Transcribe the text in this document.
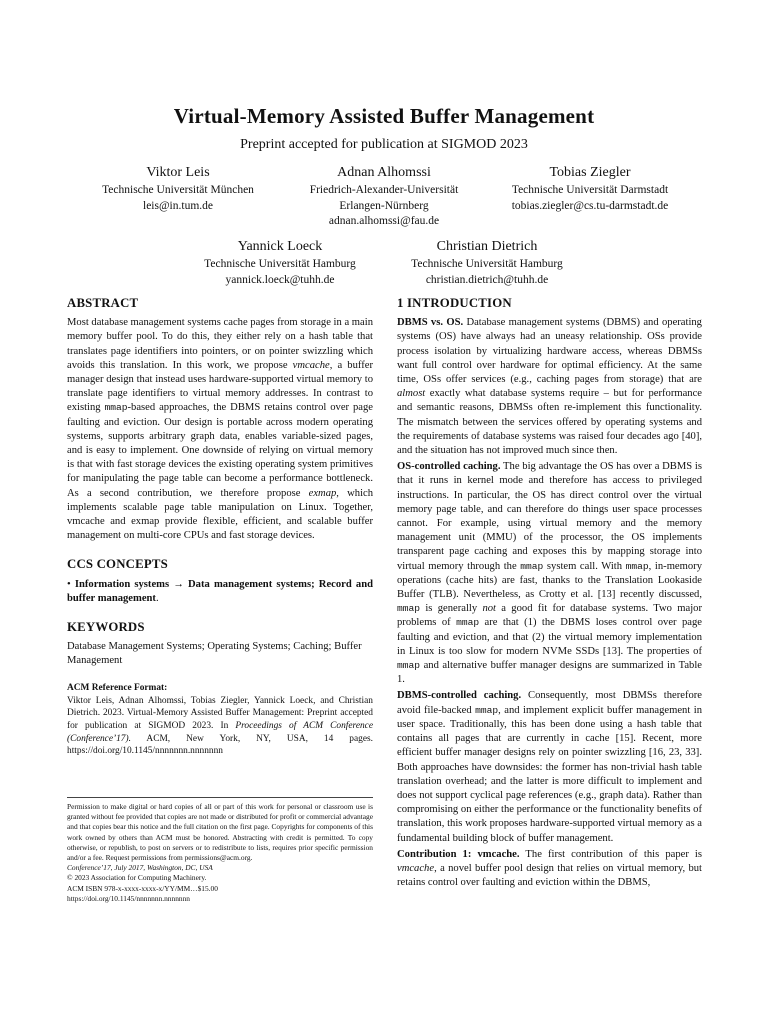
Virtual-Memory Assisted Buffer Management
Preprint accepted for publication at SIGMOD 2023
Viktor Leis
Technische Universität München
leis@in.tum.de
Adnan Alhomssi
Friedrich-Alexander-Universität
Erlangen-Nürnberg
adnan.alhomssi@fau.de
Tobias Ziegler
Technische Universität Darmstadt
tobias.ziegler@cs.tu-darmstadt.de
Yannick Loeck
Technische Universität Hamburg
yannick.loeck@tuhh.de
Christian Dietrich
Technische Universität Hamburg
christian.dietrich@tuhh.de
ABSTRACT

Most database management systems cache pages from storage in a main memory buffer pool. To do this, they either rely on a hash table that translates page identifiers into pointers, or on pointer swizzling which avoids this translation. In this work, we propose vmcache, a buffer manager design that instead uses hardware-supported virtual memory to translate page identifiers to virtual memory addresses. In contrast to existing mmap-based approaches, the DBMS retains control over page faulting and eviction. Our design is portable across modern operating systems, supports arbitrary graph data, enables variable-sized pages, and is easy to implement. One downside of relying on virtual memory is that with fast storage devices the existing operating system primitives for manipulating the page table can become a performance bottleneck. As a second contribution, we therefore propose exmap, which implements scalable page table manipulation on Linux. Together, vmcache and exmap provide flexible, efficient, and scalable buffer management on multi-core CPUs and fast storage devices.

CCS CONCEPTS

• Information systems → Data management systems; Record and buffer management.

KEYWORDS

Database Management Systems; Operating Systems; Caching; Buffer Management

ACM Reference Format:

Viktor Leis, Adnan Alhomssi, Tobias Ziegler, Yannick Loeck, and Christian Dietrich. 2023. Virtual-Memory Assisted Buffer Management: Preprint accepted for publication at SIGMOD 2023. In Proceedings of ACM Conference (Conference’17). ACM, New York, NY, USA, 14 pages. https://doi.org/10.1145/nnnnnnn.nnnnnnn

Permission to make digital or hard copies of all or part of this work for personal or classroom use is granted without fee provided that copies are not made or distributed for profit or commercial advantage and that copies bear this notice and the full citation on the first page. Copyrights for components of this work owned by others than ACM must be honored. Abstracting with credit is permitted. To copy otherwise, or republish, to post on servers or to redistribute to lists, requires prior specific permission and/or a fee. Request permissions from permissions@acm.org.

Conference’17, July 2017, Washington, DC, USA

© 2023 Association for Computing Machinery.

ACM ISBN 978-x-xxxx-xxxx-x/YY/MM…$15.00

https://doi.org/10.1145/nnnnnnn.nnnnnnn

1 INTRODUCTION

DBMS vs. OS. Database management systems (DBMS) and operating systems (OS) have always had an uneasy relationship. OSs provide process isolation by virtualizing hardware access, whereas DBMSs want full control over hardware for optimal efficiency. At the same time, OSs offer services (e.g., caching pages from storage) that are almost exactly what database systems require – but for performance and semantic reasons, DBMSs often re-implement this functionality. The mismatch between the services offered by operating systems and the requirements of database systems was raised four decades ago [40], and the situation has not improved much since then.

OS-controlled caching. The big advantage the OS has over a DBMS is that it runs in kernel mode and therefore has access to privileged instructions. In particular, the OS has direct control over the virtual memory page table, and can therefore do things user space processes cannot. For example, using virtual memory and the memory management unit (MMU) of the processor, the OS implements transparent page caching and exposes this by mapping storage into virtual memory through the mmap system call. With mmap, in-memory operations (cache hits) are fast, thanks to the Translation Lookaside Buffer (TLB). Nevertheless, as Crotty et al. [13] recently discussed, mmap is generally not a good fit for database systems. Two major problems of mmap are that (1) the DBMS loses control over page faulting and eviction, and that (2) the virtual memory implementation in Linux is too slow for modern NVMe SSDs [13]. The properties of mmap and alternative buffer manager designs are summarized in Table 1.

DBMS-controlled caching. Consequently, most DBMSs therefore avoid file-backed mmap, and implement explicit buffer management in user space. Traditionally, this has been done using a hash table that contains all pages that are currently in cache [15]. Recent, more efficient buffer manager designs rely on pointer swizzling [16, 23, 33]. Both approaches have downsides: the former has non-trivial hash table translation overhead; and the latter is more difficult to implement and does not support cyclical page references (e.g., graph data). Rather than compromising on either the performance or the functionality benefits of translation, this work proposes hardware-supported virtual memory as a fundamental building block of buffer management.

Contribution 1: vmcache. The first contribution of this paper is vmcache, a novel buffer pool design that relies on virtual memory, but retains control over faulting and eviction within the DBMS,
